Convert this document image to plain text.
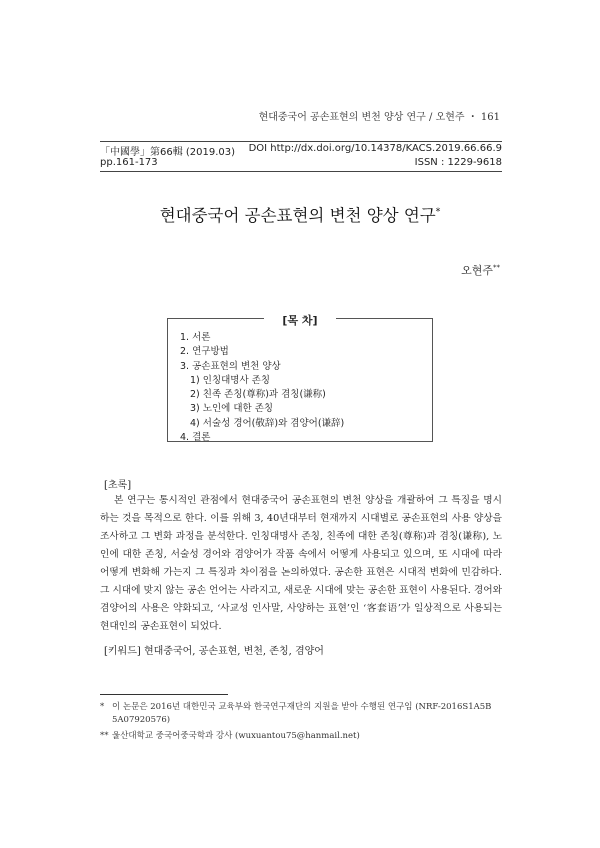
현대중국어 공손표현의 변천 양상 연구 / 오현주 ・ 161
「中國學」第66輯 (2019.03) DOI http://dx.doi.org/10.14378/KACS.2019.66.66.9
pp.161-173	ISSN : 1229-9618
현대중국어 공손표현의 변천 양상 연구*
오현주**
[목 차]
1. 서론
2. 연구방법
3. 공손표현의 변천 양상
1) 인칭대명사 존칭
2) 친족 존칭(尊称)과 겸칭(谦称)
3) 노인에 대한 존칭
4) 서술성 경어(敬辞)와 겸양어(谦辞)
4. 결론
[초록]

본 연구는 통시적인 관점에서 현대중국어 공손표현의 변천 양상을 개괄하여 그 특징을 명시하는 것을 목적으로 한다. 이를 위해 3, 40년대부터 현재까지 시대별로 공손표현의 사용 양상을 조사하고 그 변화 과정을 분석한다. 인칭대명사 존칭, 친족에 대한 존칭(尊称)과 겸칭(谦称), 노인에 대한 존칭, 서술성 경어와 겸양어가 작품 속에서 어떻게 사용되고 있으며, 또 시대에 따라 어떻게 변화해 가는지 그 특징과 차이점을 논의하였다. 공손한 표현은 시대적 변화에 민감하다. 그 시대에 맞지 않는 공손 언어는 사라지고, 새로운 시대에 맞는 공손한 표현이 사용된다. 경어와 겸양어의 사용은 약화되고, ‘사교성 인사말, 사양하는 표현’인 ‘客套语’가 일상적으로 사용되는 현대인의 공손표현이 되었다.

[키워드] 현대중국어, 공손표현, 변천, 존칭, 겸양어
* 이 논문은 2016년 대한민국 교육부와 한국연구재단의 지원을 받아 수행된 연구임 (NRF-2016S1A5B
5A07920576)
** 울산대학교 중국어중국학과 강사 (wuxuantou75@hanmail.net)
